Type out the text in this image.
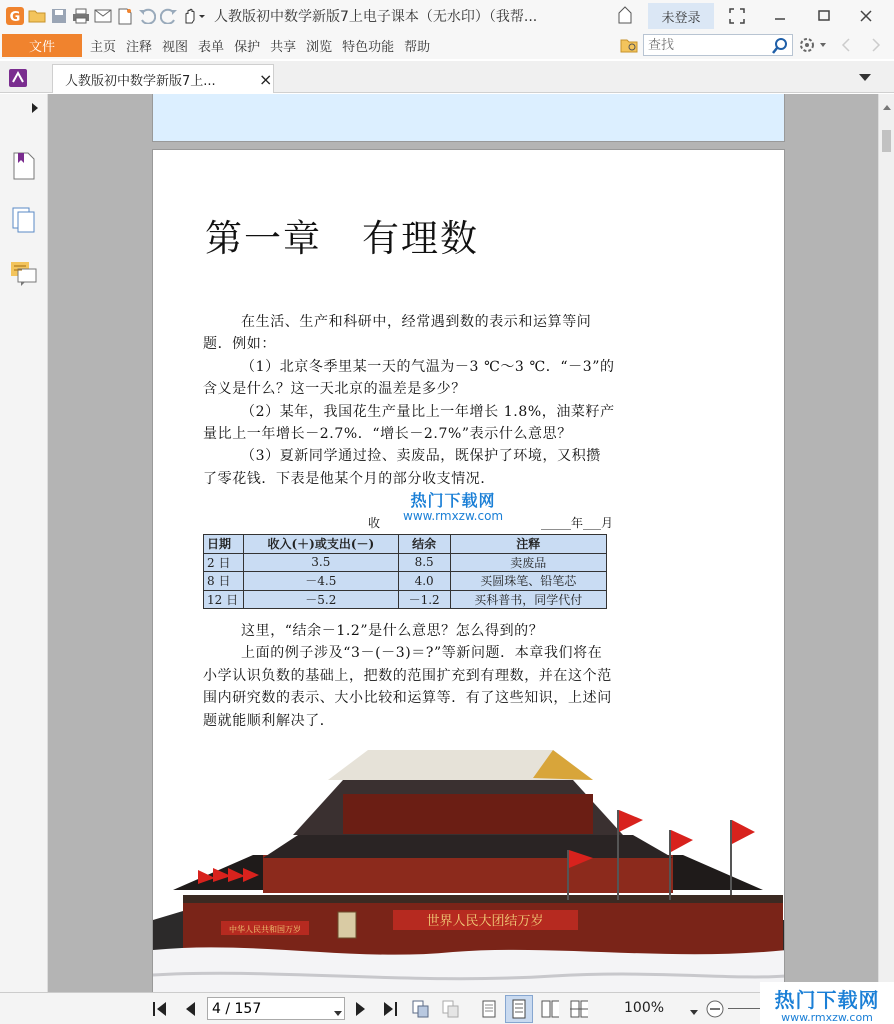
G	人教版初中数学新版7上电子课本（无水印）（我帮...	未登录
文件	主页 注释 视图 表单 保护 共享 浏览 特色功能 帮助
查找
人教版初中数学新版7上...	×
第一章 有理数

在生活、生产和科研中，经常遇到数的表示和运算等问题．例如：

（1）北京冬季里某一天的气温为－3 ℃～3 ℃．“－3”的含义是什么？这一天北京的温差是多少？

（2）某年，我国花生产量比上一年增长 1.8%，油菜籽产量比上一年增长－2.7%．“增长－2.7%”表示什么意思？

（3）夏新同学通过捡、卖废品，既保护了环境，又积攒了零花钱．下表是他某个月的部分收支情况．

热门下载网
www.rmxzw.com
收	_____年___月
日期	收入(＋)或支出(－)	结余	注释
2 日	3.5	8.5	卖废品
8 日	－4.5	4.0	买圆珠笔、铅笔芯
12 日	－5.2	－1.2	买科普书，同学代付

这里，“结余－1.2”是什么意思？怎么得到的？

上面的例子涉及“3－(－3)＝?”等新问题．本章我们将在小学认识负数的基础上，把数的范围扩充到有理数，并在这个范围内研究数的表示、大小比较和运算等．有了这些知识，上述问题就能顺利解决了．

世界人民大团结万岁
中华人民共和国万岁
4 / 157
100%	热门下载网
www.rmxzw.com
